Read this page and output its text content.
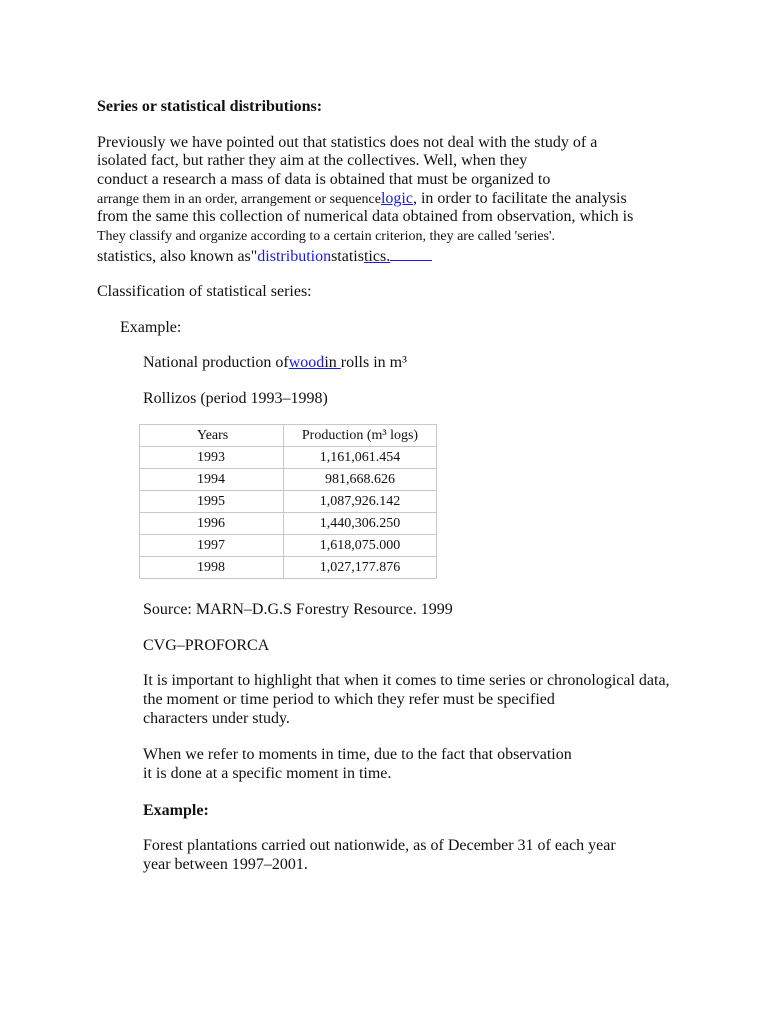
Series or statistical distributions:
Previously we have pointed out that statistics does not deal with the study of a
isolated fact, but rather they aim at the collectives. Well, when they
conduct a research a mass of data is obtained that must be organized to
arrange them in an order, arrangement or sequencelogic, in order to facilitate the analysis
from the same this collection of numerical data obtained from observation, which is
They classify and organize according to a certain criterion, they are called 'series'.
statistics, also known as"distributionstatistics.
Classification of statistical series:
Example:
National production ofwoodin rolls in m³
Rollizos (period 1993–1998)
Years	Production (m³ logs)
1993	1,161,061.454
1994	981,668.626
1995	1,087,926.142
1996	1,440,306.250
1997	1,618,075.000
1998	1,027,177.876
Source: MARN–D.G.S Forestry Resource. 1999
CVG–PROFORCA
It is important to highlight that when it comes to time series or chronological data,
the moment or time period to which they refer must be specified
characters under study.
When we refer to moments in time, due to the fact that observation
it is done at a specific moment in time.
Example:
Forest plantations carried out nationwide, as of December 31 of each year
year between 1997–2001.
